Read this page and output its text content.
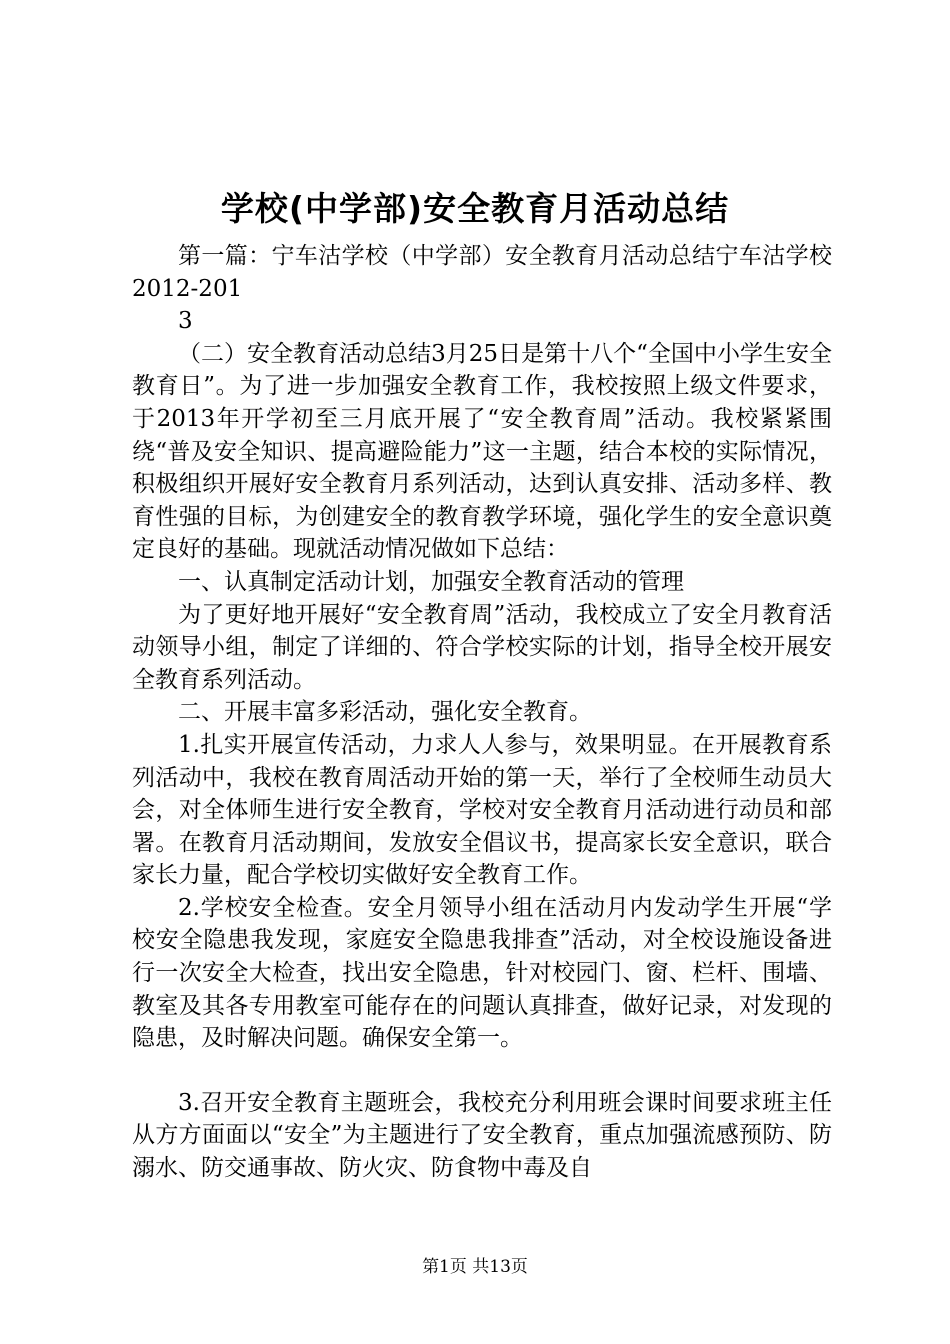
学校(中学部)安全教育月活动总结

第一篇：宁车沽学校（中学部）安全教育月活动总结宁车沽学校2012-201

3

（二）安全教育活动总结3月25日是第十八个“全国中小学生安全教育日”。为了进一步加强安全教育工作，我校按照上级文件要求，于2013年开学初至三月底开展了“安全教育周”活动。我校紧紧围绕“普及安全知识、提高避险能力”这一主题，结合本校的实际情况，积极组织开展好安全教育月系列活动，达到认真安排、活动多样、教育性强的目标，为创建安全的教育教学环境，强化学生的安全意识奠定良好的基础。现就活动情况做如下总结：

一、认真制定活动计划，加强安全教育活动的管理

为了更好地开展好“安全教育周”活动，我校成立了安全月教育活动领导小组，制定了详细的、符合学校实际的计划，指导全校开展安全教育系列活动。

二、开展丰富多彩活动，强化安全教育。

1.扎实开展宣传活动，力求人人参与，效果明显。在开展教育系列活动中，我校在教育周活动开始的第一天，举行了全校师生动员大会，对全体师生进行安全教育，学校对安全教育月活动进行动员和部署。在教育月活动期间，发放安全倡议书，提高家长安全意识，联合家长力量，配合学校切实做好安全教育工作。

2.学校安全检查。安全月领导小组在活动月内发动学生开展“学校安全隐患我发现，家庭安全隐患我排查”活动，对全校设施设备进行一次安全大检查，找出安全隐患，针对校园门、窗、栏杆、围墙、教室及其各专用教室可能存在的问题认真排查，做好记录，对发现的隐患，及时解决问题。确保安全第一。

3.召开安全教育主题班会，我校充分利用班会课时间要求班主任从方方面面以“安全”为主题进行了安全教育，重点加强流感预防、防溺水、防交通事故、防火灾、防食物中毒及自

第1页 共13页
